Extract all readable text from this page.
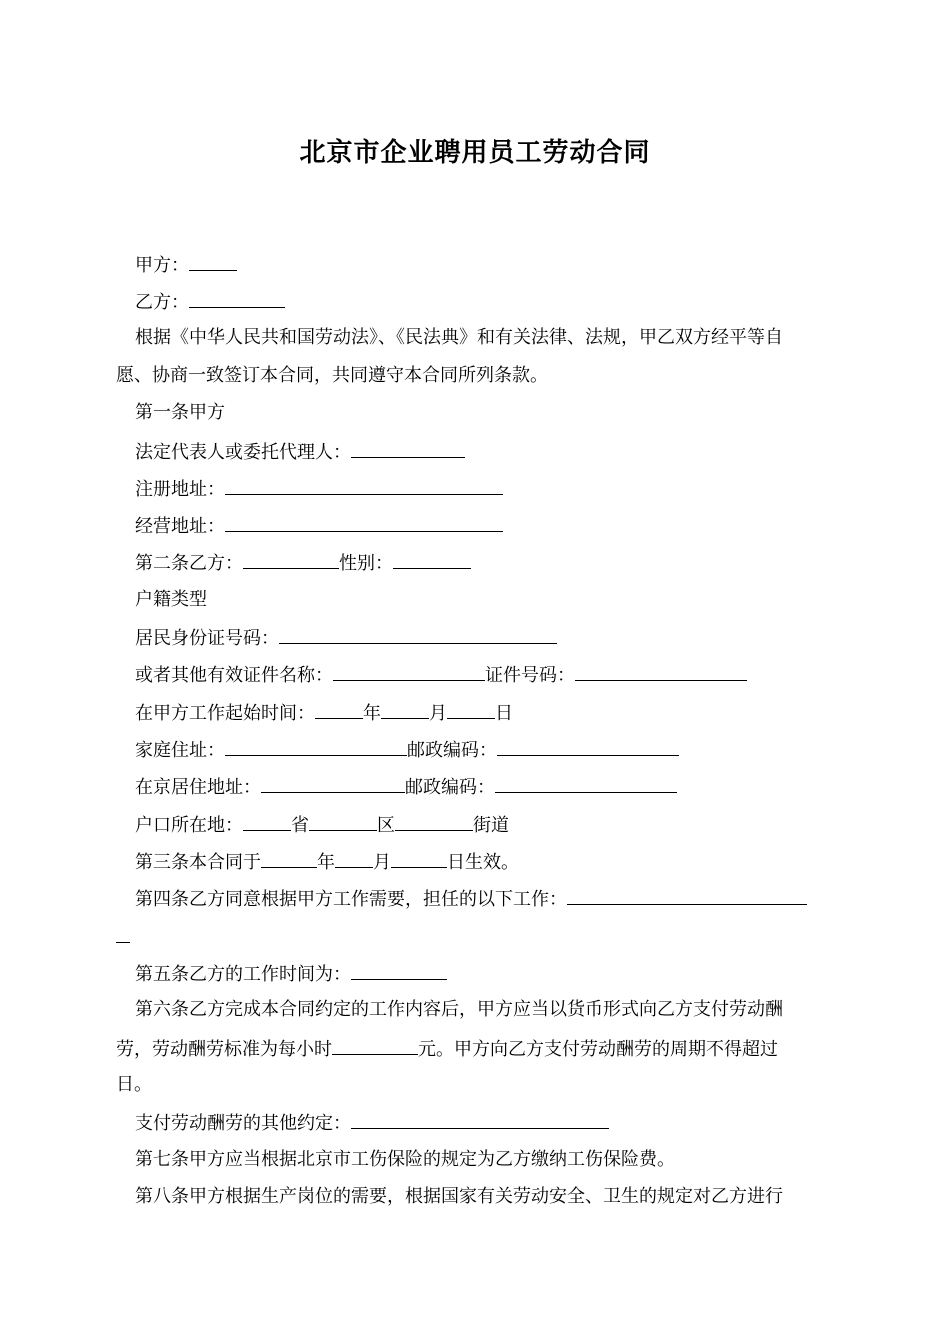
北京市企业聘用员工劳动合同
甲方：
乙方：
根据《中华人民共和国劳动法》、《民法典》和有关法律、法规，甲乙双方经平等自
愿、协商一致签订本合同，共同遵守本合同所列条款。
第一条甲方
法定代表人或委托代理人：
注册地址：
经营地址：
第二条乙方：	性别：
户籍类型
居民身份证号码：
或者其他有效证件名称：	证件号码：
在甲方工作起始时间：	年	月	日
家庭住址：	邮政编码：
在京居住地址：	邮政编码：
户口所在地：	省	区	街道
第三条本合同于	年 月	日生效。
第四条乙方同意根据甲方工作需要，担任的以下工作：
第五条乙方的工作时间为：
第六条乙方完成本合同约定的工作内容后，甲方应当以货币形式向乙方支付劳动酬
劳，劳动酬劳标准为每小时	元。甲方向乙方支付劳动酬劳的周期不得超过
日。
支付劳动酬劳的其他约定：
第七条甲方应当根据北京市工伤保险的规定为乙方缴纳工伤保险费。
第八条甲方根据生产岗位的需要，根据国家有关劳动安全、卫生的规定对乙方进行
